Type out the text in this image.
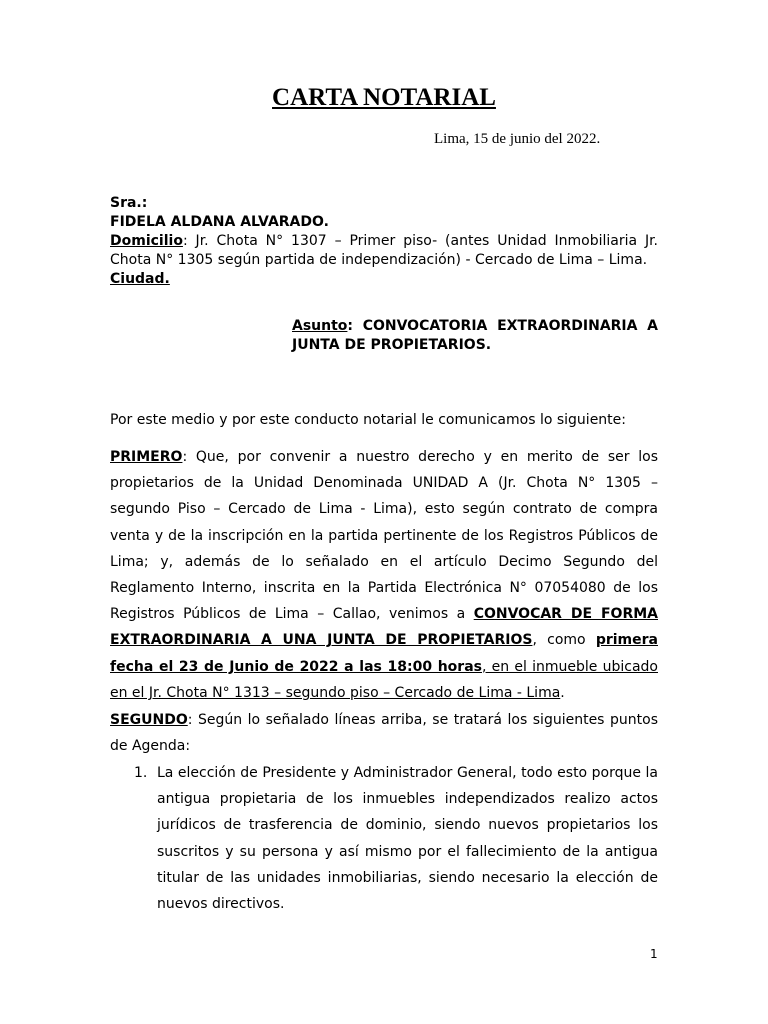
CARTA NOTARIAL
Lima, 15 de junio del 2022.
Sra.:
FIDELA ALDANA ALVARADO.
Domicilio: Jr. Chota N° 1307 – Primer piso- (antes Unidad Inmobiliaria Jr. Chota N° 1305 según partida de independización) - Cercado de Lima – Lima.
Ciudad.
Asunto: CONVOCATORIA EXTRAORDINARIA A JUNTA DE PROPIETARIOS.
Por este medio y por este conducto notarial le comunicamos lo siguiente:
PRIMERO: Que, por convenir a nuestro derecho y en merito de ser los propietarios de la Unidad Denominada UNIDAD A (Jr. Chota N° 1305 – segundo Piso – Cercado de Lima - Lima), esto según contrato de compra venta y de la inscripción en la partida pertinente de los Registros Públicos de Lima; y, además de lo señalado en el artículo Decimo Segundo del Reglamento Interno, inscrita en la Partida Electrónica N° 07054080 de los Registros Públicos de Lima – Callao, venimos a CONVOCAR DE FORMA EXTRAORDINARIA A UNA JUNTA DE PROPIETARIOS, como primera fecha el 23 de Junio de 2022 a las 18:00 horas, en el inmueble ubicado en el Jr. Chota N° 1313 – segundo piso – Cercado de Lima - Lima.
SEGUNDO: Según lo señalado líneas arriba, se tratará los siguientes puntos de Agenda:
1. La elección de Presidente y Administrador General, todo esto porque la antigua propietaria de los inmuebles independizados realizo actos jurídicos de trasferencia de dominio, siendo nuevos propietarios los suscritos y su persona y así mismo por el fallecimiento de la antigua titular de las unidades inmobiliarias, siendo necesario la elección de nuevos directivos.
1
